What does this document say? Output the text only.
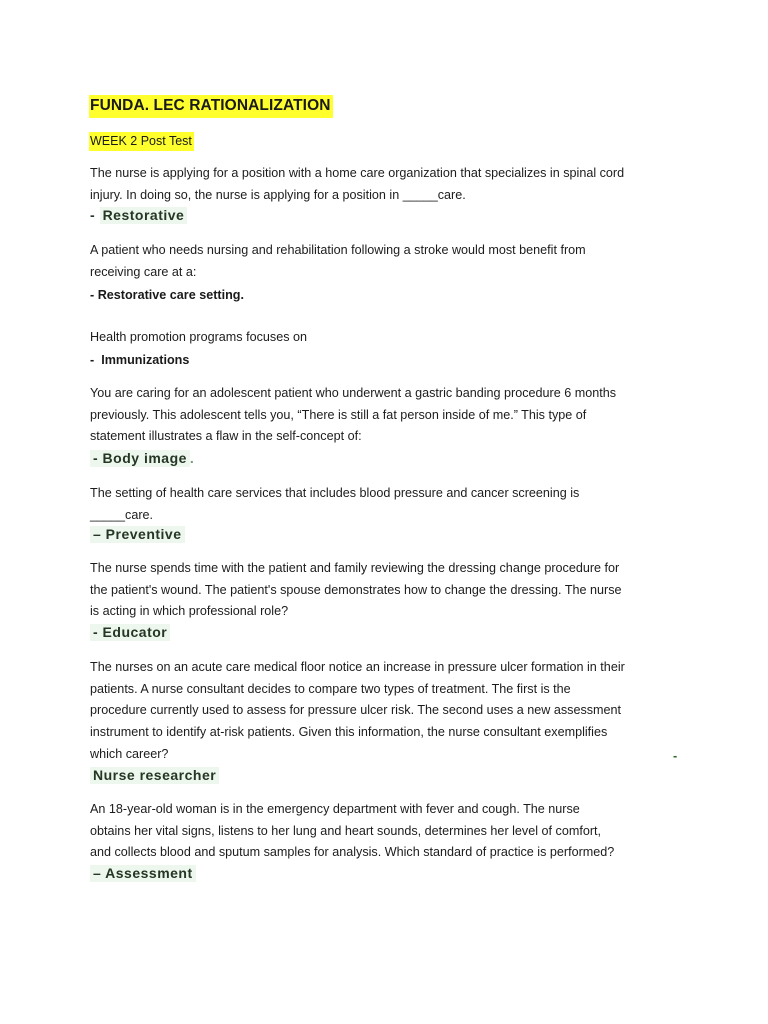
FUNDA. LEC RATIONALIZATION
WEEK 2 Post Test
The nurse is applying for a position with a home care organization that specializes in spinal cord
injury. In doing so, the nurse is applying for a position in _____care.
- Restorative
A patient who needs nursing and rehabilitation following a stroke would most benefit from
receiving care at a:
- Restorative care setting.
Health promotion programs focuses on
-  Immunizations
You are caring for an adolescent patient who underwent a gastric banding procedure 6 months
previously. This adolescent tells you, “There is still a fat person inside of me.” This type of
statement illustrates a flaw in the self-concept of:
- Body image .
The setting of health care services that includes blood pressure and cancer screening is
_____care.
– Preventive
The nurse spends time with the patient and family reviewing the dressing change procedure for
the patient's wound. The patient's spouse demonstrates how to change the dressing. The nurse
is acting in which professional role?
- Educator
The nurses on an acute care medical floor notice an increase in pressure ulcer formation in their
patients. A nurse consultant decides to compare two types of treatment. The first is the
procedure currently used to assess for pressure ulcer risk. The second uses a new assessment
instrument to identify at-risk patients. Given this information, the nurse consultant exemplifies
which career?	-
Nurse researcher
An 18-year-old woman is in the emergency department with fever and cough. The nurse
obtains her vital signs, listens to her lung and heart sounds, determines her level of comfort,
and collects blood and sputum samples for analysis. Which standard of practice is performed?
– Assessment
